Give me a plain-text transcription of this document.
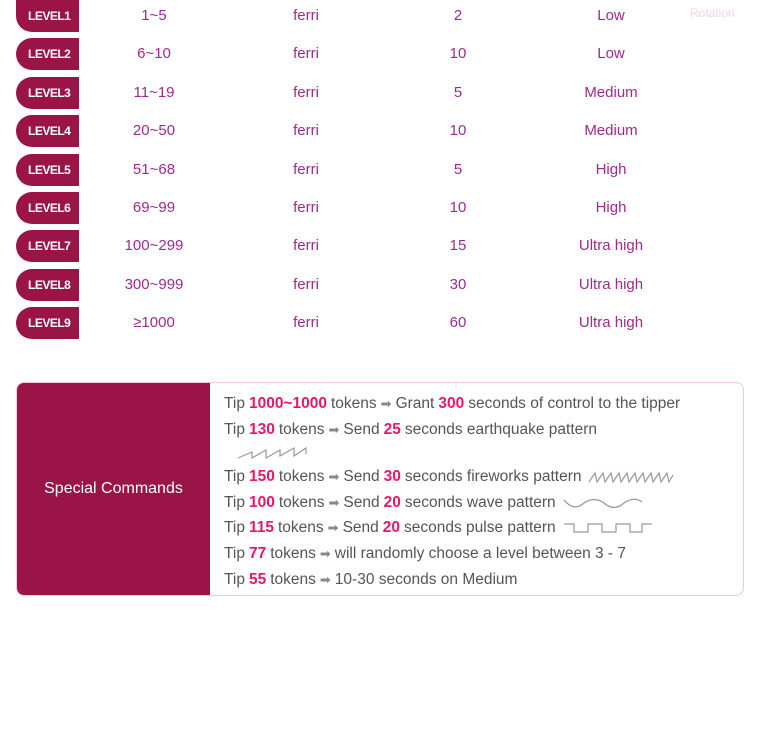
Rotation
LEVEL1	1~5	ferri	2	Low
LEVEL2	6~10	ferri	10	Low
LEVEL3	11~19	ferri	5	Medium
LEVEL4	20~50	ferri	10	Medium
LEVEL5	51~68	ferri	5	High
LEVEL6	69~99	ferri	10	High
LEVEL7	100~299	ferri	15	Ultra high
LEVEL8	300~999	ferri	30	Ultra high
LEVEL9	≥1000	ferri	60	Ultra high
Special Commands
Tip 1000~1000 tokens ➡ Grant 300 seconds of control to the tipper
Tip 130 tokens ➡ Send 25 seconds earthquake pattern
Tip 150 tokens ➡ Send 30 seconds fireworks pattern
Tip 100 tokens ➡ Send 20 seconds wave pattern
Tip 115 tokens ➡ Send 20 seconds pulse pattern
Tip 77 tokens ➡ will randomly choose a level between 3 - 7
Tip 55 tokens ➡ 10-30 seconds on Medium
